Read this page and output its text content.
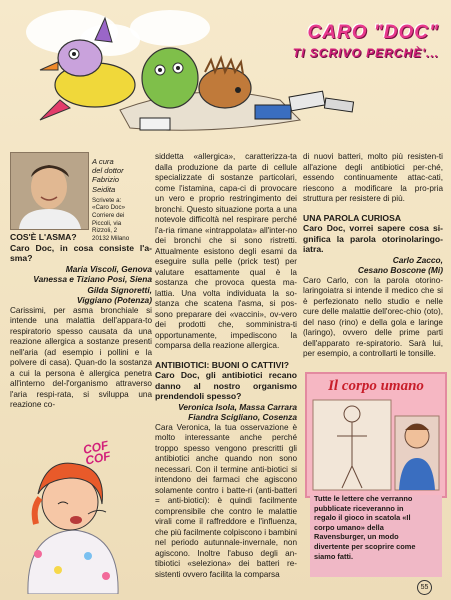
CARO "DOC"
TI SCRIVO PERCHÈ'...
A cura
del dottor
Fabrizio
Seidita
Scrivete a:
«Caro Doc»
Corriere dei
Piccoli, via
Rizzoli, 2
20132 Milano

COS'È L'ASMA?

Caro Doc, in cosa consiste l'a-sma?

Maria Viscoli, Genova

Vanessa e Tiziano Posi, Siena

Gilda Signoretti,

Viggiano (Potenza)

Carissimi, per asma bronchiale si intende una malattia dell'appara-to respiratorio spesso causata da una reazione allergica a sostanze presenti nell'aria (ad esempio i pollini e la polvere di casa). Quan-do la sostanza a cui la persona è allergica penetra all'interno del-l'organismo attraverso l'aria respi-rata, si sviluppa una reazione co-

COF COF

siddetta «allergica», caratterizza-ta dalla produzione da parte di cellule specializzate di sostanze particolari, come l'istamina, capa-ci di provocare un vero e proprio restringimento dei bronchi. Questo situazione porta a una notevole difficoltà nel respirare perché l'a-ria rimane «intrappolata» all'inter-no dei bronchi che si sono ristretti. Attualmente esistono degli esami da eseguire sulla pelle (prick test) per valutare esattamente qual è la sostanza che provoca questa ma-lattia. Una volta individuata la so-stanza che scatena l'asma, si pos-sono preparare dei «vaccini», ov-vero dei prodotti che, somministra-ti opportunamente, impediscono la comparsa della reazione allergica.

ANTIBIOTICI: BUONI O CATTIVI?

Caro Doc, gli antibiotici recano danno al nostro organismo prendendoli spesso?

Veronica Isola, Massa Carrara

Fiandra Scigliano, Cosenza

Cara Veronica, la tua osservazione è molto interessante anche perché troppo spesso vengono prescritti gli antibiotici anche quando non sono necessari. Con il termine anti-biotici si intendono dei farmaci che agiscono solamente contro i batte-ri (anti-batteri = anti-biotici): è quindi facilmente comprensibile che contro le malattie virali come il raffreddore e l'influenza, che più facilmente colpiscono i bambini nel periodo autunnale-invernale, non agiscono. Inoltre l'abuso degli an-tibiotici «seleziona» dei batteri re-sistenti ovvero facilita la comparsa

di nuovi batteri, molto più resisten-ti all'azione degli antibiotici per-ché, essendo continuamente attac-cati, riescono a modificare la pro-pria struttura per resistere di più.

UNA PAROLA CURIOSA

Caro Doc, vorrei sapere cosa si-gnifica la parola otorinolaringo-iatra.

Carlo Zacco,

Cesano Boscone (Mi)

Caro Carlo, con la parola otorino-laringoiatra si intende il medico che si è perfezionato nello studio e nelle cure delle malattie dell'orec-chio (oto), del naso (rino) e della gola e laringe (laringo), ovvero delle prime parti dell'apparato re-spiratorio. Sarà lui, per esempio, a controllarti le tonsille.

Il corpo umano
Tutte le lettere che verranno pubblicate riceveranno in regalo il gioco in scatola «Il corpo umano» della Ravensburger, un modo divertente per scoprire come siamo fatti.
55
